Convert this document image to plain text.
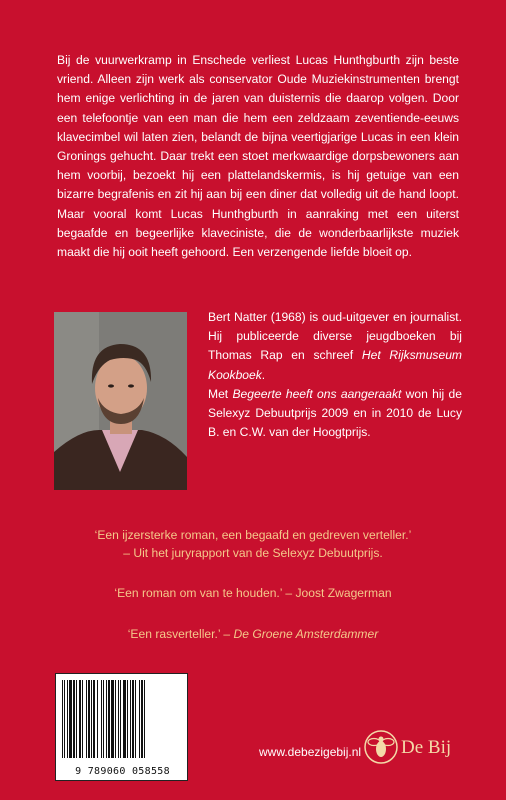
Bij de vuurwerkramp in Enschede verliest Lucas Hunthgburth zijn beste vriend. Alleen zijn werk als conservator Oude Muziekinstrumenten brengt hem enige verlichting in de jaren van duisternis die daarop volgen. Door een telefoontje van een man die hem een zeldzaam zeventiende-eeuws klavecimbel wil laten zien, belandt de bijna veertigjarige Lucas in een klein Gronings gehucht. Daar trekt een stoet merkwaardige dorpsbewoners aan hem voorbij, bezoekt hij een plattelandskermis, is hij getuige van een bizarre begrafenis en zit hij aan bij een diner dat volledig uit de hand loopt. Maar vooral komt Lucas Hunthgburth in aanraking met een uiterst begaafde en begeerlijke klaveciniste, die de wonderbaarlijkste muziek maakt die hij ooit heeft gehoord. Een verzengende liefde bloeit op.

Bert Natter (1968) is oud-uitgever en journalist. Hij publiceerde diverse jeugdboeken bij Thomas Rap en schreef Het Rijksmuseum Kookboek.

Met Begeerte heeft ons aangeraakt won hij de Selexyz Debuutprijs 2009 en in 2010 de Lucy B. en C.W. van der Hoogtprijs.

‘Een ijzersterke roman, een begaafd en gedreven verteller.’
– Uit het juryrapport van de Selexyz Debuutprijs.

‘Een roman om van te houden.’ – Joost Zwagerman

‘Een rasverteller.’ – De Groene Amsterdammer

9 789060 058558
www.debezigebij.nl De Bij
